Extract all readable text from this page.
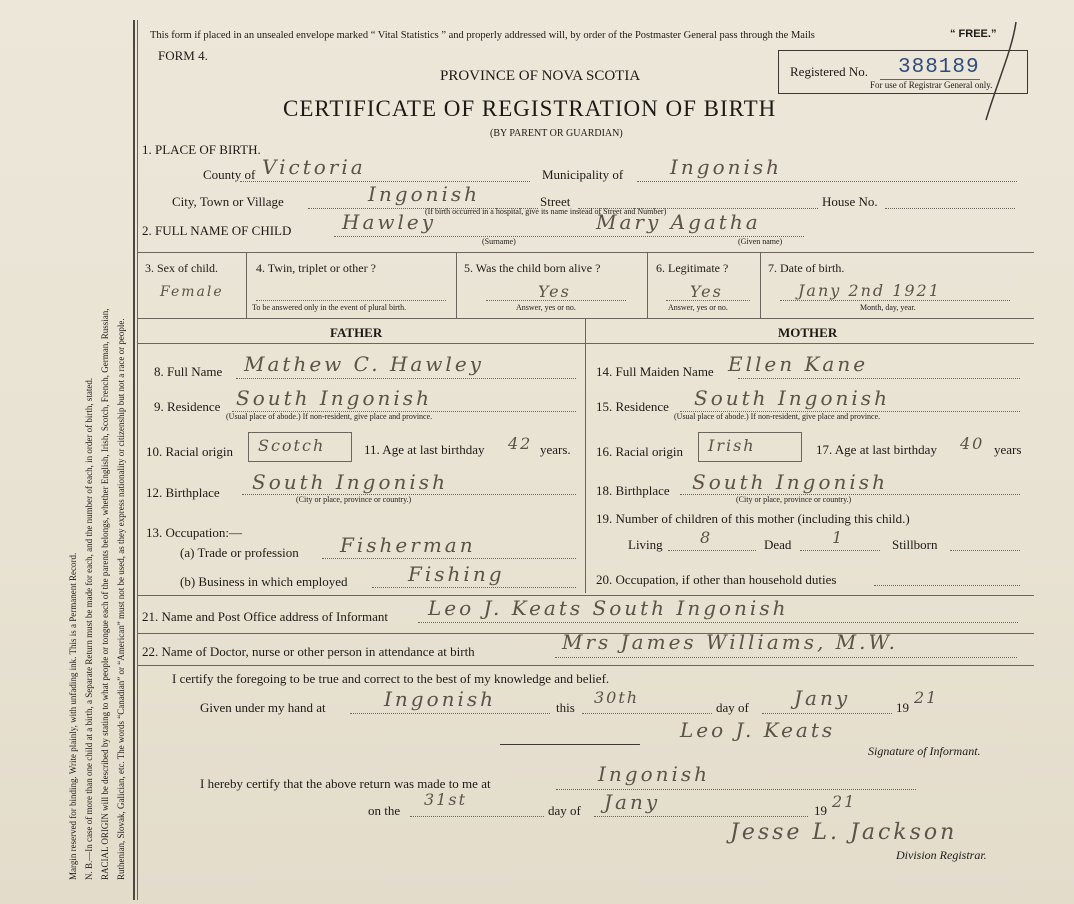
Margin reserved for binding. Write plainly, with unfading ink. This is a Permanent Record. N. B.—In case of more than one child at a birth, a Separate Return must be made for each, and the number of each, in order of birth, stated. RACIAL ORIGIN will be described by stating to what people or tongue each of the parents belongs, whether English, Irish, Scotch, French, German, Russian, Ruthenian, Slovak, Galician, etc. The words “Canadian” or “American” must not be used, as they express nationality or citizenship but not a race or people.
This form if placed in an unsealed envelope marked “ Vital Statistics ” and properly addressed will, by order of the Postmaster General pass through the Mails	“ FREE.”
FORM 4.
PROVINCE OF NOVA SCOTIA
CERTIFICATE OF REGISTRATION OF BIRTH
(BY PARENT OR GUARDIAN)
Registered No. 388189
For use of Registrar General only.
1. PLACE OF BIRTH.
County of Victoria	Municipality of Ingonish
City, Town or Village	Ingonish	Street	House No.
(If birth occurred in a hospital, give its name instead of Street and Number)
2. FULL NAME OF CHILD	Hawley	Mary Agatha
(Surname)	(Given name)
3. Sex of child.
Female
4. Twin, triplet or other ?
To be answered only in the event of plural birth.
5. Was the child born alive ?
Yes
Answer, yes or no.
6. Legitimate ?
Yes
Answer, yes or no.
7. Date of birth.
Jany 2nd 1921
Month, day, year.
FATHER	MOTHER
8. Full Name Mathew C. Hawley
9. Residence South Ingonish
(Usual place of abode.) If non-resident, give place and province.
10. Racial origin Scotch	11. Age at last birthday 42 years.
12. Birthplace South Ingonish
(City or place, province or country.)
13. Occupation:—
(a) Trade or profession Fisherman
(b) Business in which employed	Fishing
14. Full Maiden Name Ellen Kane
15. Residence South Ingonish
(Usual place of abode.) If non-resident, give place and province.
16. Racial origin Irish	17. Age at last birthday 40 years
18. Birthplace South Ingonish
(City or place, province or country.)
19. Number of children of this mother (including this child.)
Living 8	Dead	1	Stillborn
20. Occupation, if other than household duties
21. Name and Post Office address of Informant Leo J. Keats South Ingonish
22. Name of Doctor, nurse or other person in attendance at birth	Mrs James Williams, M.W.
I certify the foregoing to be true and correct to the best of my knowledge and belief.
Given under my hand at	Ingonish	this
30th
day of Jany	19
21
Leo J. Keats
Signature of Informant.
I hereby certify that the above return was made to me at	Ingonish
on the
31st
day of Jany	19 21
Jesse L. Jackson
Division Registrar.
